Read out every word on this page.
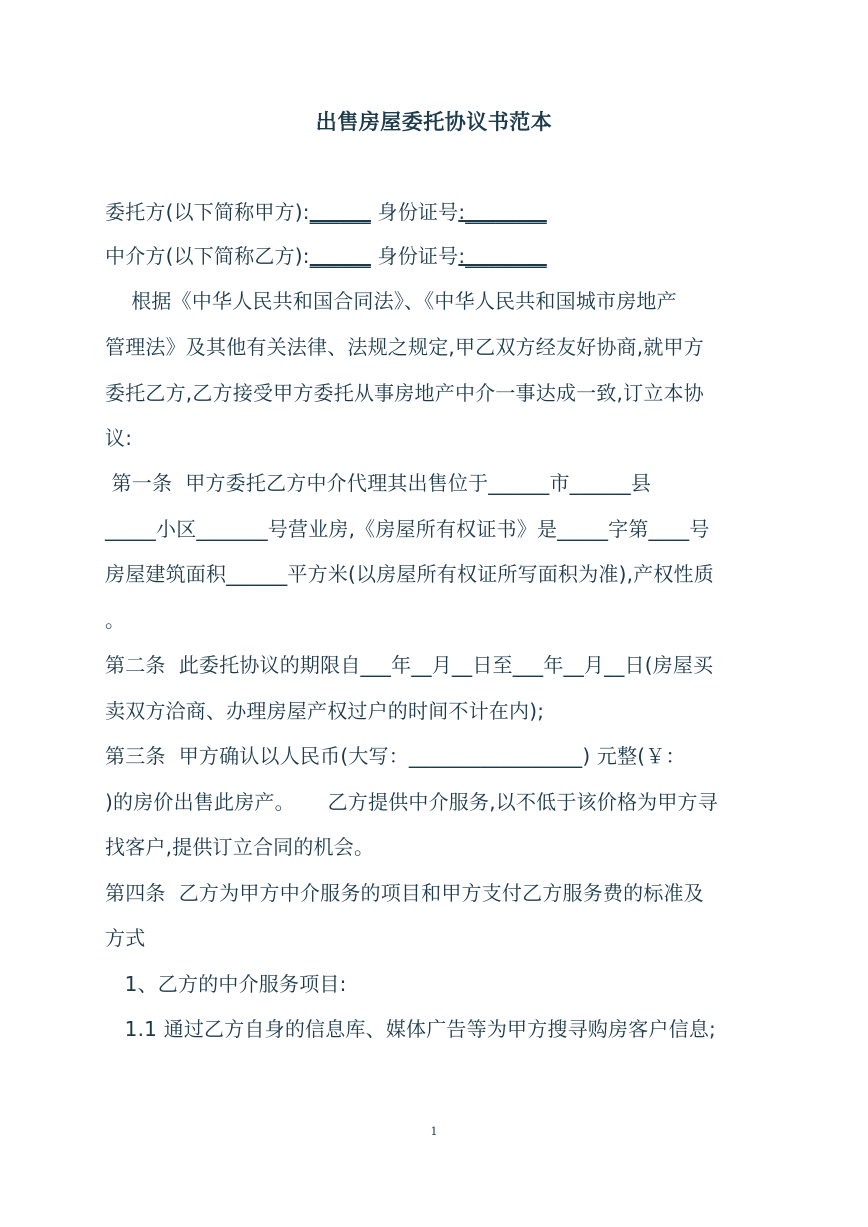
出售房屋委托协议书范本
委托方(以下简称甲方):______ 身份证号:________
中介方(以下简称乙方):______ 身份证号:________
根据《中华人民共和国合同法》、《中华人民共和国城市房地产
管理法》及其他有关法律、法规之规定,甲乙双方经友好协商,就甲方
委托乙方,乙方接受甲方委托从事房地产中介一事达成一致,订立本协
议:
第一条  甲方委托乙方中介代理其出售位于______市______县
_____小区_______号营业房,《房屋所有权证书》是_____字第____号
房屋建筑面积______平方米(以房屋所有权证所写面积为准),产权性质
。
第二条  此委托协议的期限自___年__月__日至___年__月__日(房屋买
卖双方洽商、办理房屋产权过户的时间不计在内);
第三条  甲方确认以人民币(大写：_________________) 元整(￥：
)的房价出售此房产。     乙方提供中介服务,以不低于该价格为甲方寻
找客户,提供订立合同的机会。
第四条  乙方为甲方中介服务的项目和甲方支付乙方服务费的标准及
方式
1、乙方的中介服务项目:
1.1 通过乙方自身的信息库、媒体广告等为甲方搜寻购房客户信息;
1
